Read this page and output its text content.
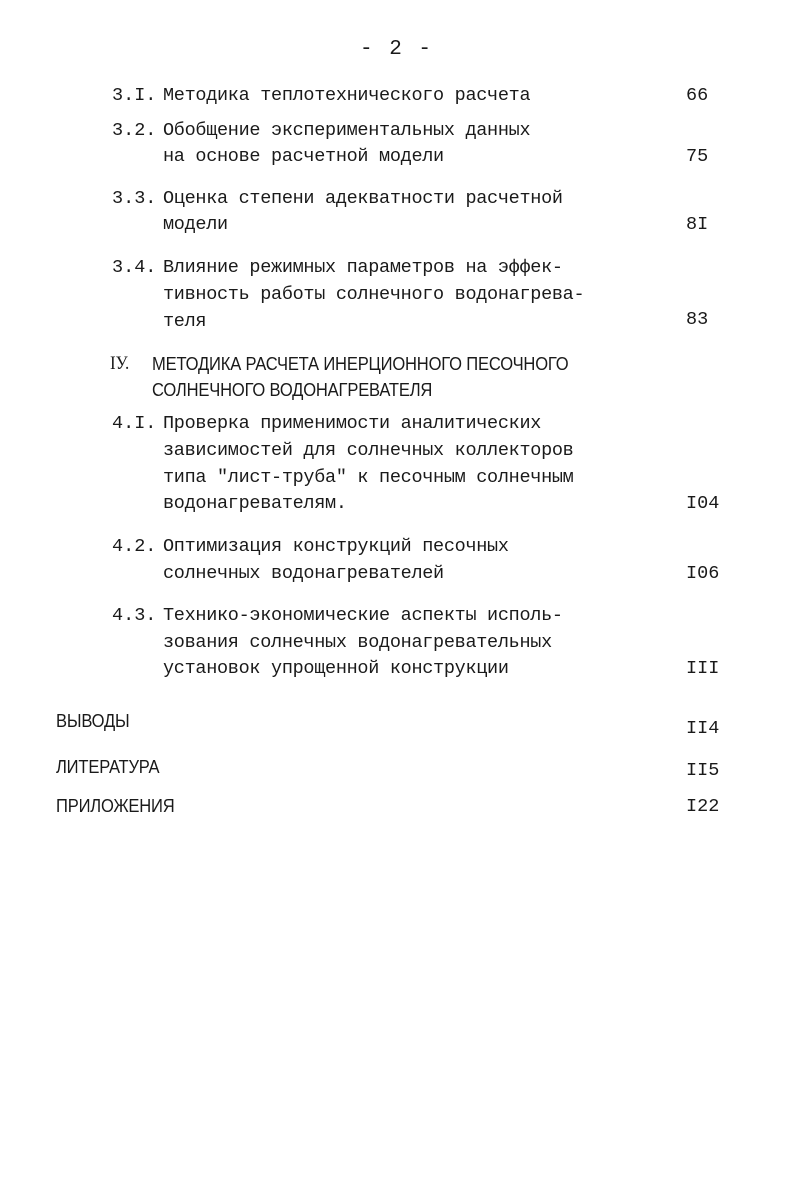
- 2 -
3.I. Методика теплотехнического расчета	66
3.2. Обобщение экспериментальных данных
на основе расчетной модели	75
3.3. Оценка степени адекватности расчетной
модели	8I
3.4. Влияние режимных параметров на эффек-
тивность работы солнечного водонагрева-
теля	83
IУ. МЕТОДИКА РАСЧЕТА ИНЕРЦИОННОГО ПЕСОЧНОГО
СОЛНЕЧНОГО ВОДОНАГРЕВАТЕЛЯ
4.I. Проверка применимости аналитических
зависимостей для солнечных коллекторов
типа "лист-труба" к песочным солнечным
водонагревателям.	I04
4.2. Оптимизация конструкций песочных
солнечных водонагревателей	I06
4.3. Технико-экономические аспекты исполь-
зования солнечных водонагревательных
установок упрощенной конструкции	III
ВЫВОДЫ	II4
ЛИТЕРАТУРА	II5
ПРИЛОЖЕНИЯ	I22
